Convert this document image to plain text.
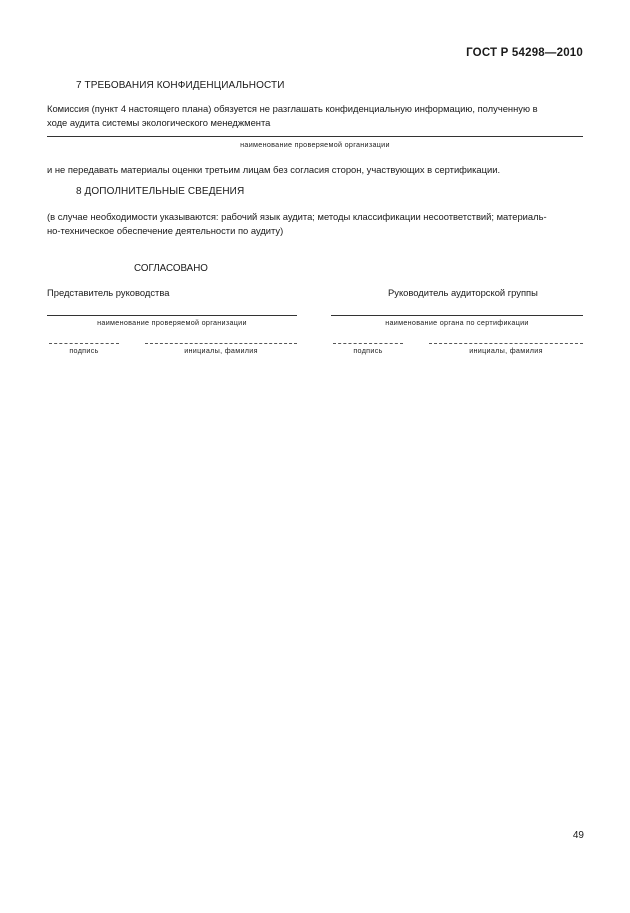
ГОСТ Р 54298—2010
7 ТРЕБОВАНИЯ КОНФИДЕНЦИАЛЬНОСТИ
Комиссия (пункт 4 настоящего плана) обязуется не разглашать конфиденциальную информацию, полученную в
ходе аудита системы экологического менеджмента
наименование проверяемой организации
и не передавать материалы оценки третьим лицам без согласия сторон, участвующих в сертификации.
8 ДОПОЛНИТЕЛЬНЫЕ СВЕДЕНИЯ
(в случае необходимости указываются: рабочий язык аудита; методы классификации несоответствий; материаль-
но-техническое обеспечение деятельности по аудиту)
СОГЛАСОВАНО
Представитель руководства
наименование проверяемой организации
подпись	инициалы, фамилия
Руководитель аудиторской группы
наименование органа по сертификации
подпись	инициалы, фамилия
49
